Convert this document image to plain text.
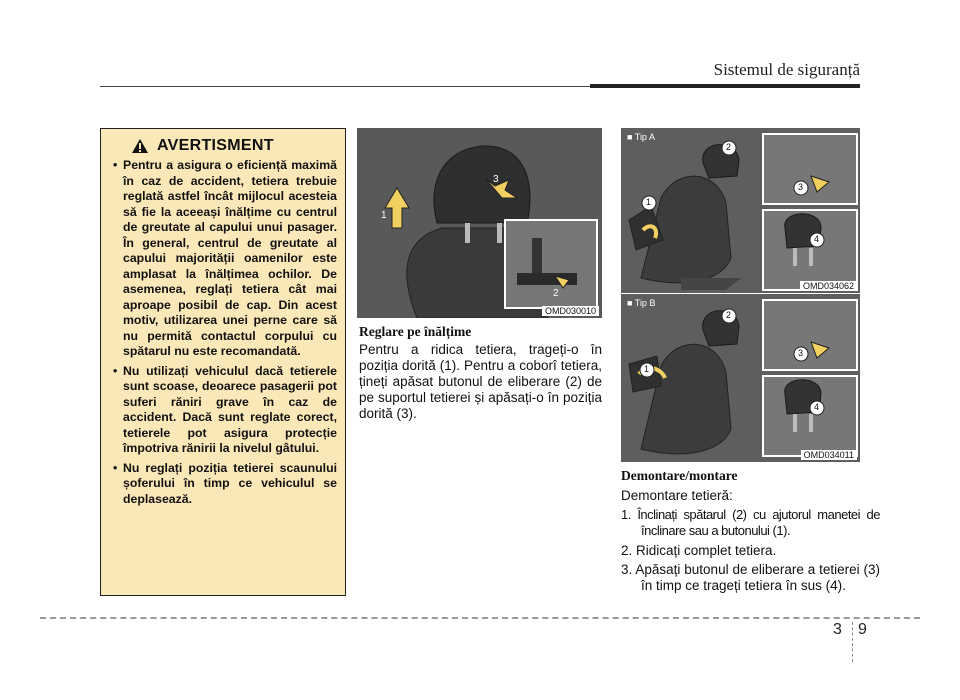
Sistemul de siguranță
AVERTISMENT
• Pentru a asigura o eficiență maximă în caz de accident, tetiera trebuie reglată astfel încât mijlocul acesteia să fie la aceeași înălțime cu centrul de greutate al capului unui pasager. În general, centrul de greutate al capului majorității oamenilor este amplasat la înălțimea ochilor. De asemenea, reglați tetiera cât mai aproape posibil de cap. Din acest motiv, utilizarea unei perne care să nu permită contactul corpului cu spătarul nu este recomandată.
• Nu utilizați vehiculul dacă tetierele sunt scoase, deoarece pasagerii pot suferi răniri grave în caz de accident. Dacă sunt reglate corect, tetierele pot asigura protecție împotriva rănirii la nivelul gâtului.
• Nu reglați poziția tetierei scaunului șoferului în timp ce vehiculul se deplasează.
OMD030010
1
2
3
■ Tip A
OMD034062
1
2
3
4
■ Tip B
OMD034011
1
2
3
4
Reglare pe înălțime
Pentru a ridica tetiera, trageți-o în poziția dorită (1). Pentru a coborî tetiera, țineți apăsat butonul de eliberare (2) de pe suportul tetierei și apăsați-o în poziția dorită (3).
Demontare/montare
Demontare tetieră:
1. Înclinați spătarul (2) cu ajutorul manetei de înclinare sau a butonului (1).
2. Ridicați complet tetiera.
3. Apăsați butonul de eliberare a tetierei (3) în timp ce trageți tetiera în sus (4).
3 9
